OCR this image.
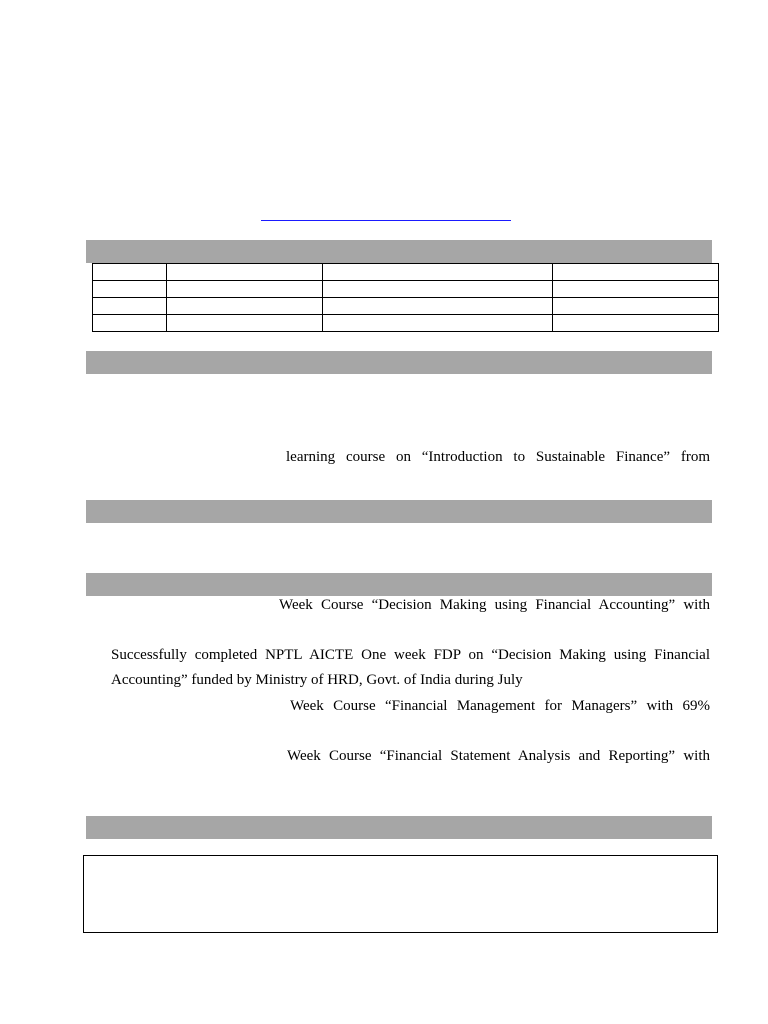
learning course on “Introduction to Sustainable Finance” from
Week Course “Decision Making using Financial Accounting” with
Successfully completed NPTL AICTE One week FDP on “Decision Making using Financial
Accounting” funded by Ministry of HRD, Govt. of India during July
Week Course “Financial Management for Managers” with 69%
Week Course “Financial Statement Analysis and Reporting” with
